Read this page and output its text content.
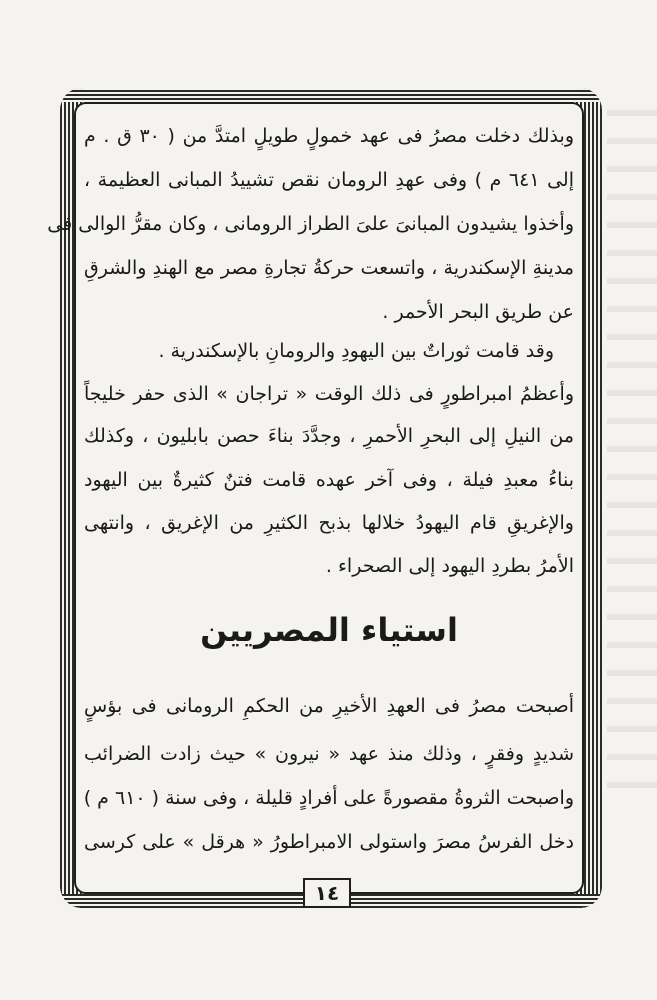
وبذلك دخلت مصرُ فى عهد خمولٍ طويلٍ امتدَّ من ( ٣٠ ق . م
إلى ٦٤١ م ) وفى عهدِ الرومان نقص تشييدُ المبانى العظيمة ،
وأخذوا يشيدون المبانىَ علىَ الطراز الرومانى ، وكان مقرُّ الوالى فى
مدينةِ الإسكندرية ، واتسعت حركةُ تجارةِ مصر مع الهندِ والشرقِ
عن طريق البحر الأحمر .
وقد قامت ثوراتٌ بين اليهودِ والرومانِ بالإسكندرية .
وأعظمُ امبراطورٍ فى ذلك الوقت « تراجان » الذى حفر خليجاً
من النيلِ إلى البحرِ الأحمرِ ، وجدَّدَ بناءَ حصن بابليون ، وكذلك
بناءُ معبدِ فيلة ، وفى آخر عهده قامت فتنٌ كثيرةٌ بين اليهود
والإغريقِ قام اليهودُ خلالها بذبح الكثيرِ من الإغريق ، وانتهى
الأمرُ بطردِ اليهود إلى الصحراء .
استياء المصريين
أصبحت مصرُ فى العهدِ الأخيرِ من الحكمِ الرومانى فى بؤسٍ
شديدٍ وفقرٍ ، وذلك منذ عهد « نيرون » حيث زادت الضرائب
واصبحت الثروةُ مقصورةً على أفرادٍ قليلة ، وفى سنة ( ٦١٠ م )
دخل الفرسُ مصرَ واستولى الامبراطورُ « هرقل » على كرسى
١٤
